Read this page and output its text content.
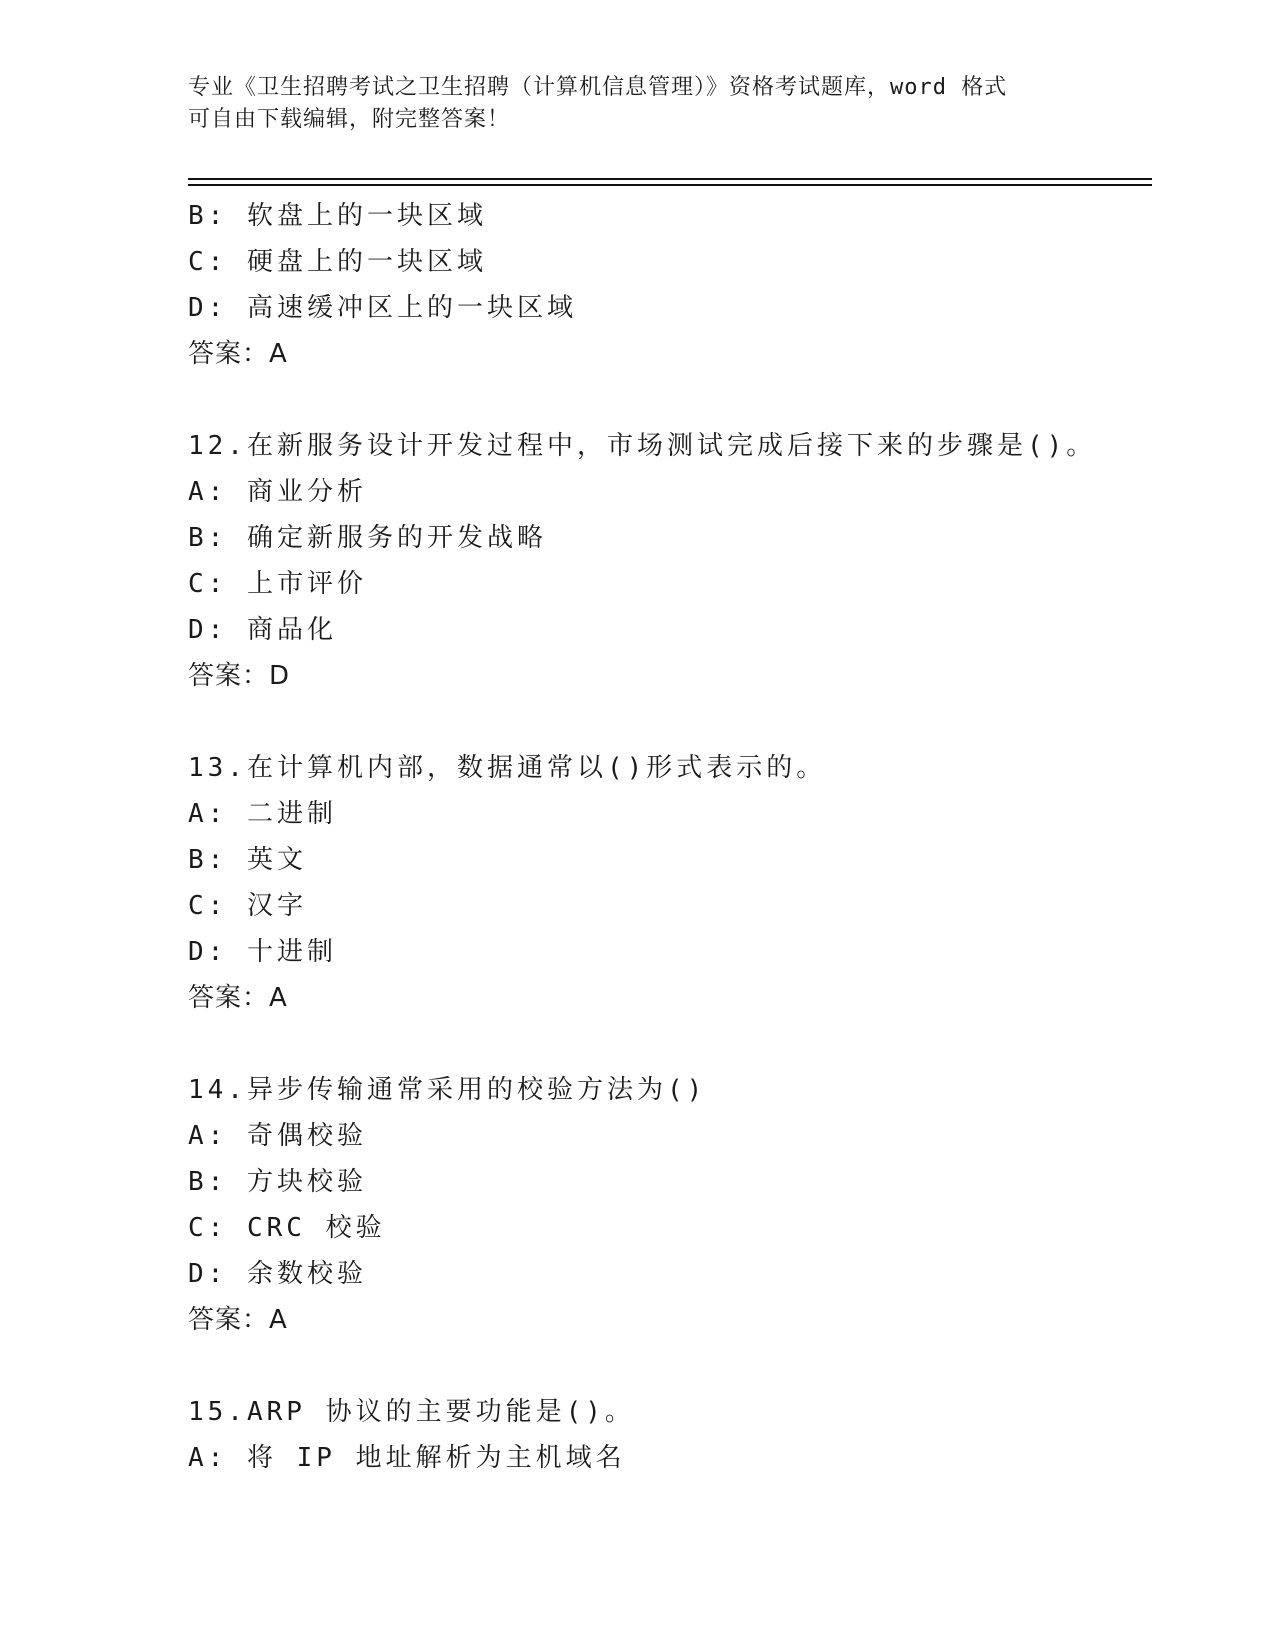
专业《卫生招聘考试之卫生招聘（计算机信息管理）》资格考试题库，word 格式
可自由下载编辑，附完整答案！
B: 软盘上的一块区域
C: 硬盘上的一块区域
D: 高速缓冲区上的一块区域
答案：A
12.在新服务设计开发过程中，市场测试完成后接下来的步骤是()。
A: 商业分析
B: 确定新服务的开发战略
C: 上市评价
D: 商品化
答案：D
13.在计算机内部，数据通常以()形式表示的。
A: 二进制
B: 英文
C: 汉字
D: 十进制
答案：A
14.异步传输通常采用的校验方法为()
A: 奇偶校验
B: 方块校验
C: CRC 校验
D: 余数校验
答案：A
15.ARP 协议的主要功能是()。
A: 将 IP 地址解析为主机域名
